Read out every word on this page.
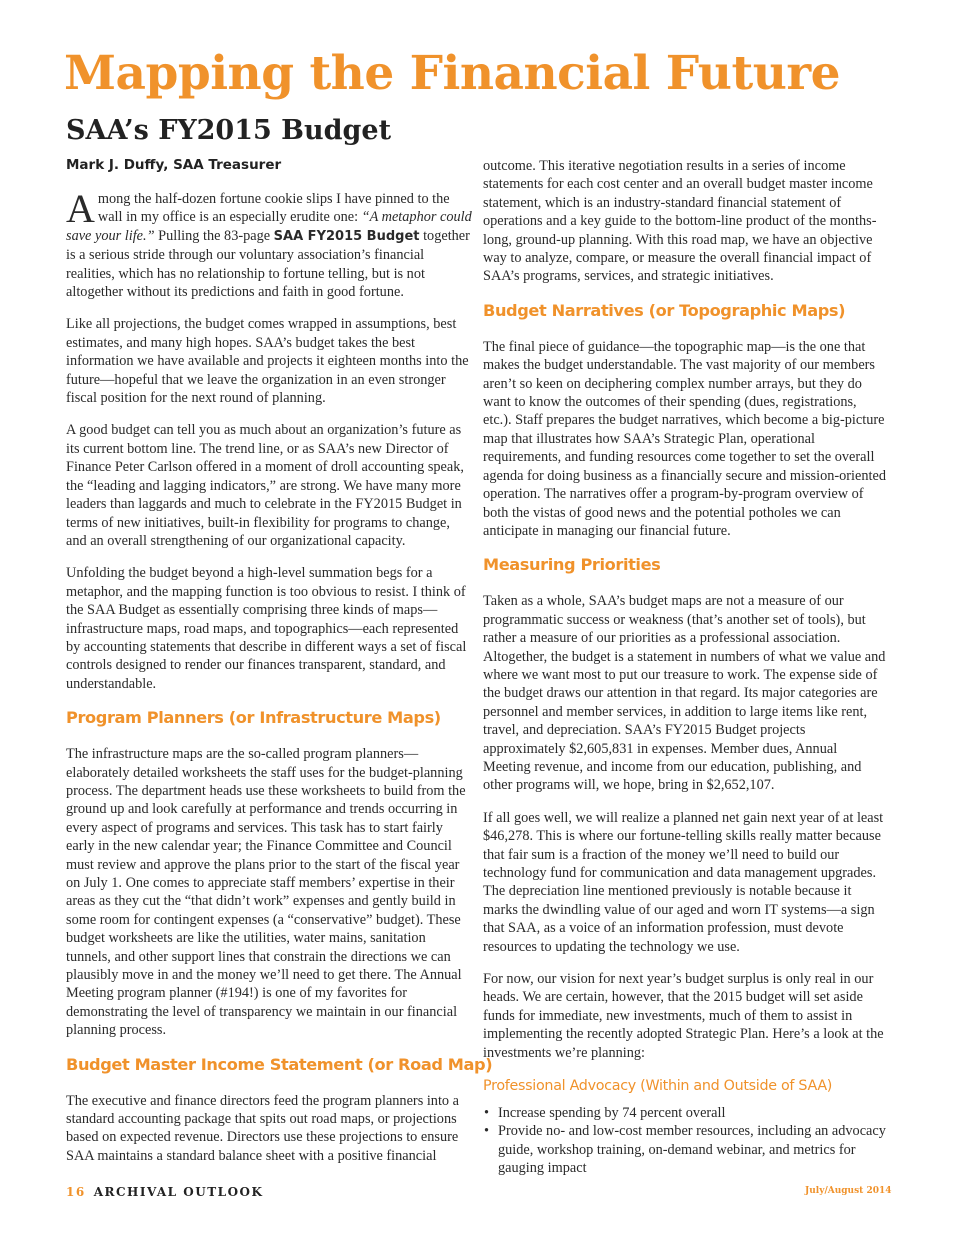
Mapping the Financial Future
SAA’s FY2015 Budget
Mark J. Duffy, SAA Treasurer

Among the half-dozen fortune cookie slips I have pinned to the wall in my office is an especially erudite one: “A metaphor could save your life.” Pulling the 83-page SAA FY2015 Budget together is a serious stride through our voluntary association’s financial realities, which has no relationship to fortune telling, but is not altogether without its predictions and faith in good fortune.

Like all projections, the budget comes wrapped in assumptions, best estimates, and many high hopes. SAA’s budget takes the best information we have available and projects it eighteen months into the future—hopeful that we leave the organization in an even stronger fiscal position for the next round of planning.

A good budget can tell you as much about an organization’s future as its current bottom line. The trend line, or as SAA’s new Director of Finance Peter Carlson offered in a moment of droll accounting speak, the “leading and lagging indicators,” are strong. We have many more leaders than laggards and much to celebrate in the FY2015 Budget in terms of new initiatives, built-in flexibility for programs to change, and an overall strengthening of our organizational capacity.

Unfolding the budget beyond a high-level summation begs for a metaphor, and the mapping function is too obvious to resist. I think of the SAA Budget as essentially comprising three kinds of maps—infrastructure maps, road maps, and topographics—each represented by accounting statements that describe in different ways a set of fiscal controls designed to render our finances transparent, standard, and understandable.

Program Planners (or Infrastructure Maps)

The infrastructure maps are the so-called program planners—elaborately detailed worksheets the staff uses for the budget-planning process. The department heads use these worksheets to build from the ground up and look carefully at performance and trends occurring in every aspect of programs and services. This task has to start fairly early in the new calendar year; the Finance Committee and Council must review and approve the plans prior to the start of the fiscal year on July 1. One comes to appreciate staff members’ expertise in their areas as they cut the “that didn’t work” expenses and gently build in some room for contingent expenses (a “conservative” budget). These budget worksheets are like the utilities, water mains, sanitation tunnels, and other support lines that constrain the directions we can plausibly move in and the money we’ll need to get there. The Annual Meeting program planner (#194!) is one of my favorites for demonstrating the level of transparency we maintain in our financial planning process.

Budget Master Income Statement (or Road Map)

The executive and finance directors feed the program planners into a standard accounting package that spits out road maps, or projections based on expected revenue. Directors use these projections to ensure SAA maintains a standard balance sheet with a positive financial

outcome. This iterative negotiation results in a series of income statements for each cost center and an overall budget master income statement, which is an industry-standard financial statement of operations and a key guide to the bottom-line product of the months-long, ground-up planning. With this road map, we have an objective way to analyze, compare, or measure the overall financial impact of SAA’s programs, services, and strategic initiatives.

Budget Narratives (or Topographic Maps)

The final piece of guidance—the topographic map—is the one that makes the budget understandable. The vast majority of our members aren’t so keen on deciphering complex number arrays, but they do want to know the outcomes of their spending (dues, registrations, etc.). Staff prepares the budget narratives, which become a big-picture map that illustrates how SAA’s Strategic Plan, operational requirements, and funding resources come together to set the overall agenda for doing business as a financially secure and mission-oriented operation. The narratives offer a program-by-program overview of both the vistas of good news and the potential potholes we can anticipate in managing our financial future.

Measuring Priorities

Taken as a whole, SAA’s budget maps are not a measure of our programmatic success or weakness (that’s another set of tools), but rather a measure of our priorities as a professional association. Altogether, the budget is a statement in numbers of what we value and where we want most to put our treasure to work. The expense side of the budget draws our attention in that regard. Its major categories are personnel and member services, in addition to large items like rent, travel, and depreciation. SAA’s FY2015 Budget projects approximately $2,605,831 in expenses. Member dues, Annual Meeting revenue, and income from our education, publishing, and other programs will, we hope, bring in $2,652,107.

If all goes well, we will realize a planned net gain next year of at least $46,278. This is where our fortune-telling skills really matter because that fair sum is a fraction of the money we’ll need to build our technology fund for communication and data management upgrades. The depreciation line mentioned previously is notable because it marks the dwindling value of our aged and worn IT systems—a sign that SAA, as a voice of an information profession, must devote resources to updating the technology we use.

For now, our vision for next year’s budget surplus is only real in our heads. We are certain, however, that the 2015 budget will set aside funds for immediate, new investments, much of them to assist in implementing the recently adopted Strategic Plan. Here’s a look at the investments we’re planning:

Professional Advocacy (Within and Outside of SAA)
• Increase spending by 74 percent overall
• Provide no- and low-cost member resources, including an advocacy guide, workshop training, on-demand webinar, and metrics for gauging impact
16 ARCHIVAL OUTLOOK	July/August 2014
